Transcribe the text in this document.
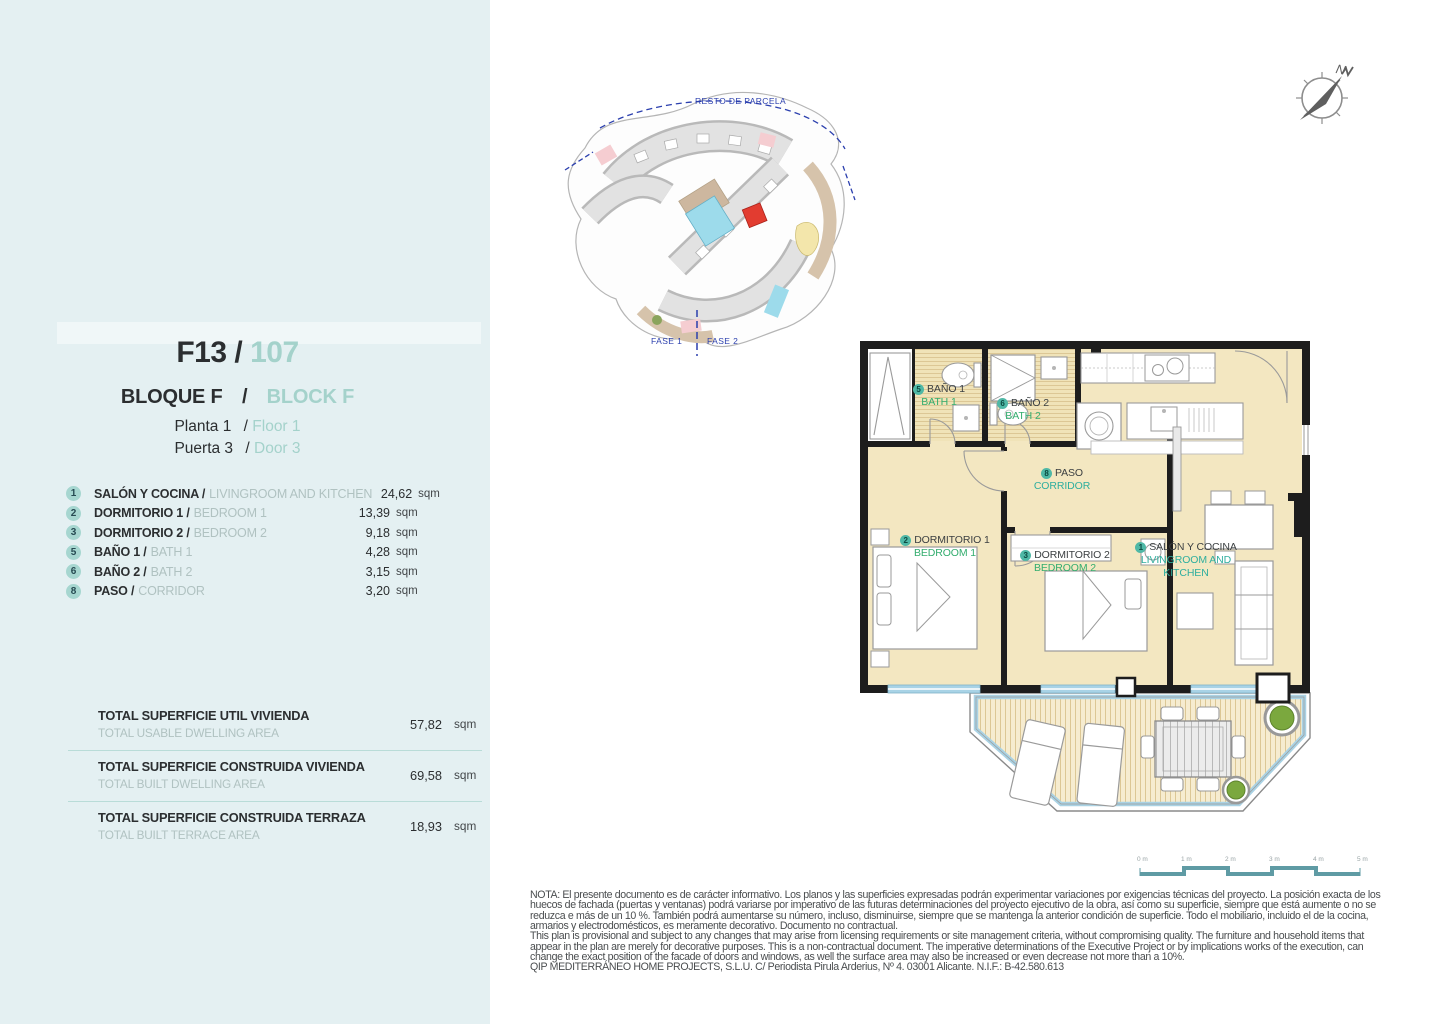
F13 / 107
BLOQUE F / BLOCK F
Planta 1 / Floor 1
Puerta 3 / Door 3
1	SALÓN Y COCINA / LIVINGROOM AND KITCHEN 24,62 sqm
2	DORMITORIO 1 / BEDROOM 1	13,39 sqm
3	DORMITORIO 2 / BEDROOM 2	9,18 sqm
5	BAÑO 1 / BATH 1	4,28 sqm
6	BAÑO 2 / BATH 2	3,15 sqm
8	PASO / CORRIDOR	3,20 sqm
TOTAL SUPERFICIE UTIL VIVIENDA
TOTAL USABLE DWELLING AREA
57,82 sqm
TOTAL SUPERFICIE CONSTRUIDA VIVIENDA
TOTAL BUILT DWELLING AREA
69,58 sqm
TOTAL SUPERFICIE CONSTRUIDA TERRAZA
TOTAL BUILT TERRACE AREA
18,93 sqm
RESTO DE PARCELA
FASE 1	FASE 2
N
5 BAÑO 1
BATH 1	6 BAÑO 2
BATH 2
8 PASO
CORRIDOR
2 DORMITORIO 1
BEDROOM 1	3 DORMITORIO 2
BEDROOM 2
1 SALÓN Y COCINA
LIVINGROOM AND KITCHEN
0 m	1 m	2 m	3 m	4 m	5 m
NOTA: El presente documento es de carácter informativo. Los planos y las superficies expresadas podrán experimentar variaciones por exigencias técnicas del proyecto. La posición exacta de los
huecos de fachada (puertas y ventanas) podrá variarse por imperativo de las futuras determinaciones del proyecto ejecutivo de la obra, así como su superficie, siempre que está aumente o no se
reduzca e más de un 10 %. También podrá aumentarse su número, incluso, disminuirse, siempre que se mantenga la anterior condición de superficie. Todo el mobiliario, incluido el de la cocina,
armarios y electrodomésticos, es meramente decorativo. Documento no contractual.
This plan is provisional and subject to any changes that may arise from licensing requirements or site management criteria, without compromising quality. The furniture and household items that
appear in the plan are merely for decorative purposes. This is a non-contractual document. The imperative determinations of the Executive Project or by implications works of the execution, can
change the exact position of the facade of doors and windows, as well the surface area may also be increased or even decrease not more than a 10%.
QIP MEDITERRÁNEO HOME PROJECTS, S.L.U. C/ Periodista Pirula Arderius, Nº 4. 03001 Alicante. N.I.F.: B-42.580.613
